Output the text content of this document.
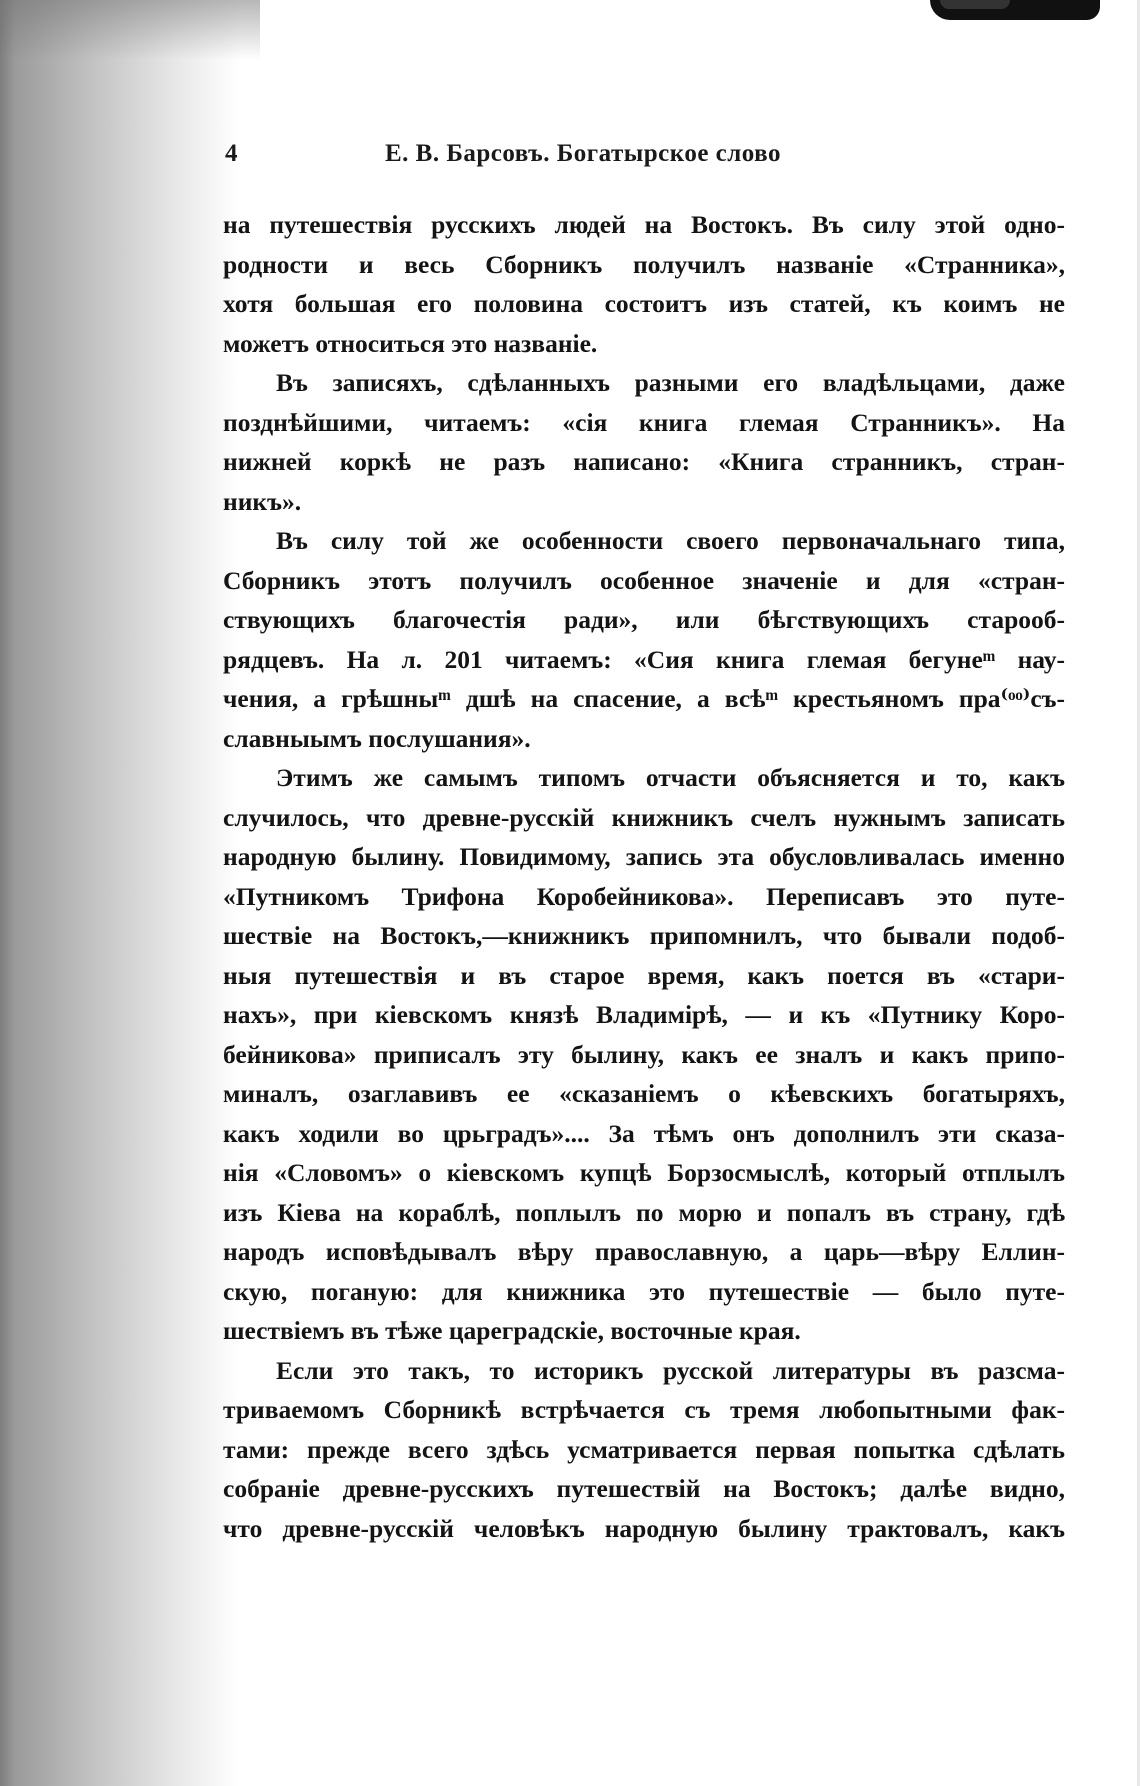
4	Е. В. Барсовъ. Богатырское слово
на путешествія русскихъ людей на Востокъ. Въ силу этой одно-
родности и весь Сборникъ получилъ названіе «Странника»,
хотя большая его половина состоитъ изъ статей, къ коимъ не
можетъ относиться это названіе.
Въ записяхъ, сдѣланныхъ разными его владѣльцами, даже
позднѣйшими, читаемъ: «сія книга глемая Странникъ». На
нижней коркѣ не разъ написано: «Книга странникъ, стран-
никъ».
Въ силу той же особенности своего первоначальнаго типа,
Сборникъ этотъ получилъ особенное значеніе и для «стран-
ствующихъ благочестія ради», или бѣгствующихъ старооб-
рядцевъ. На л. 201 читаемъ: «Сия книга глемая бегунеᵐ нау-
чения, а грѣшныᵐ дшѣ на спасение, а всѣᵐ крестьяномъ пра⁽ᵒᵒ⁾съ-
славныымъ послушания».
Этимъ же самымъ типомъ отчасти объясняется и то, какъ
случилось, что древне-русскій книжникъ счелъ нужнымъ записать
народную былину. Повидимому, запись эта обусловливалась именно
«Путникомъ Трифона Коробейникова». Переписавъ это путе-
шествіе на Востокъ,—книжникъ припомнилъ, что бывали подоб-
ныя путешествія и въ старое время, какъ поется въ «стари-
нахъ», при кіевскомъ князѣ Владимірѣ, — и къ «Путнику Коро-
бейникова» приписалъ эту былину, какъ ее зналъ и какъ припо-
миналъ, озаглавивъ ее «сказаніемъ о кѣевскихъ богатыряхъ,
какъ ходили во црьградъ».... За тѣмъ онъ дополнилъ эти сказа-
нія «Словомъ» о кіевскомъ купцѣ Борзосмыслѣ, который отплылъ
изъ Кіева на кораблѣ, поплылъ по морю и попалъ въ страну, гдѣ
народъ исповѣдывалъ вѣру православную, а царь—вѣру Еллин-
скую, поганую: для книжника это путешествіе — было путе-
шествіемъ въ тѣже цареградскіе, восточные края.
Если это такъ, то историкъ русской литературы въ разсма-
триваемомъ Сборникѣ встрѣчается съ тремя любопытными фак-
тами: прежде всего здѣсь усматривается первая попытка сдѣлать
собраніе древне-русскихъ путешествій на Востокъ; далѣе видно,
что древне-русскій человѣкъ народную былину трактовалъ, какъ
